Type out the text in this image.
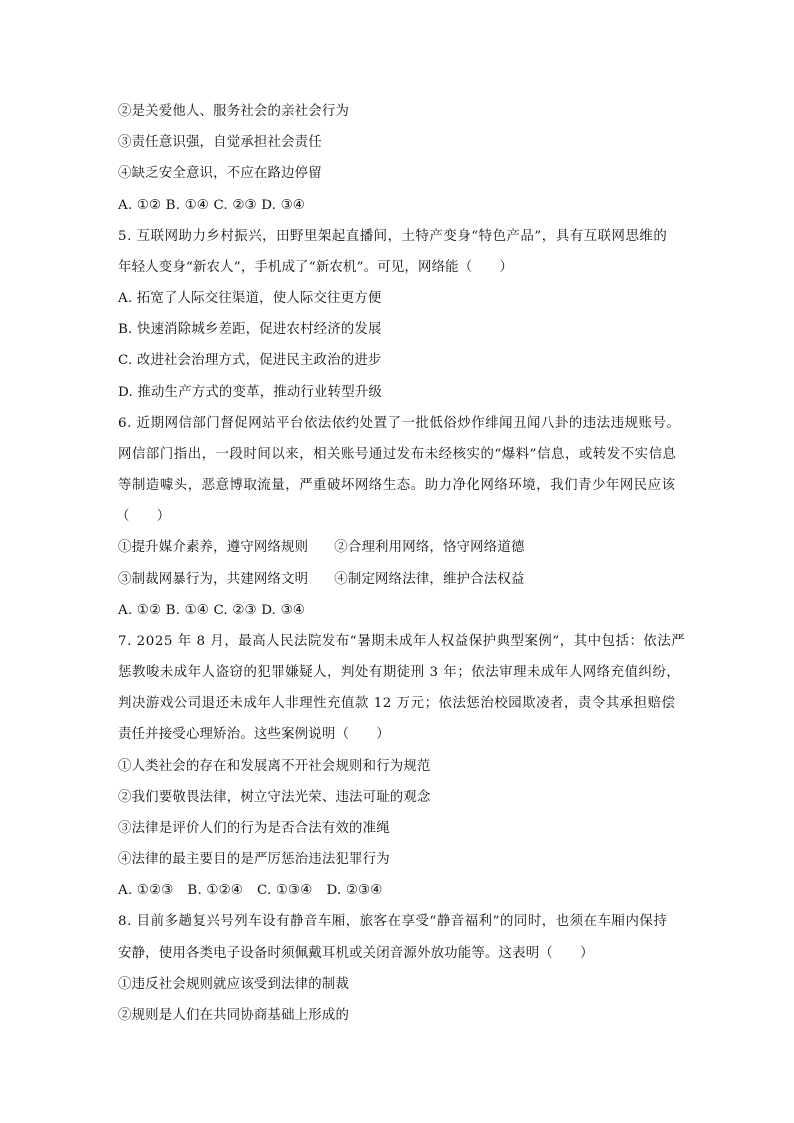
②是关爱他人、服务社会的亲社会行为
③责任意识强，自觉承担社会责任
④缺乏安全意识，不应在路边停留
A. ①② B. ①④ C. ②③ D. ③④
5. 互联网助力乡村振兴，田野里架起直播间，土特产变身“特色产品”，具有互联网思维的
年轻人变身“新农人”，手机成了“新农机”。可见，网络能（　　）
A. 拓宽了人际交往渠道，使人际交往更方便
B. 快速消除城乡差距，促进农村经济的发展
C. 改进社会治理方式，促进民主政治的进步
D. 推动生产方式的变革，推动行业转型升级
6. 近期网信部门督促网站平台依法依约处置了一批低俗炒作绯闻丑闻八卦的违法违规账号。
网信部门指出，一段时间以来，相关账号通过发布未经核实的“爆料”信息，或转发不实信息
等制造噱头，恶意博取流量，严重破坏网络生态。助力净化网络环境，我们青少年网民应该
（　　）
①提升媒介素养，遵守网络规则 ②合理利用网络，恪守网络道德
③制裁网暴行为，共建网络文明 ④制定网络法律，维护合法权益
A. ①② B. ①④ C. ②③ D. ③④
7. 2025 年 8 月，最高人民法院发布“暑期未成年人权益保护典型案例”，其中包括：依法严
惩教唆未成年人盗窃的犯罪嫌疑人，判处有期徒刑 3 年；依法审理未成年人网络充值纠纷，
判决游戏公司退还未成年人非理性充值款 12 万元；依法惩治校园欺凌者，责令其承担赔偿
责任并接受心理矫治。这些案例说明（　　）
①人类社会的存在和发展离不开社会规则和行为规范
②我们要敬畏法律，树立守法光荣、违法可耻的观念
③法律是评价人们的行为是否合法有效的准绳
④法律的最主要目的是严厉惩治违法犯罪行为
A. ①②③ B. ①②④ C. ①③④ D. ②③④
8. 目前多趟复兴号列车设有静音车厢，旅客在享受“静音福利”的同时，也须在车厢内保持
安静，使用各类电子设备时须佩戴耳机或关闭音源外放功能等。这表明（　　）
①违反社会规则就应该受到法律的制裁
②规则是人们在共同协商基础上形成的
